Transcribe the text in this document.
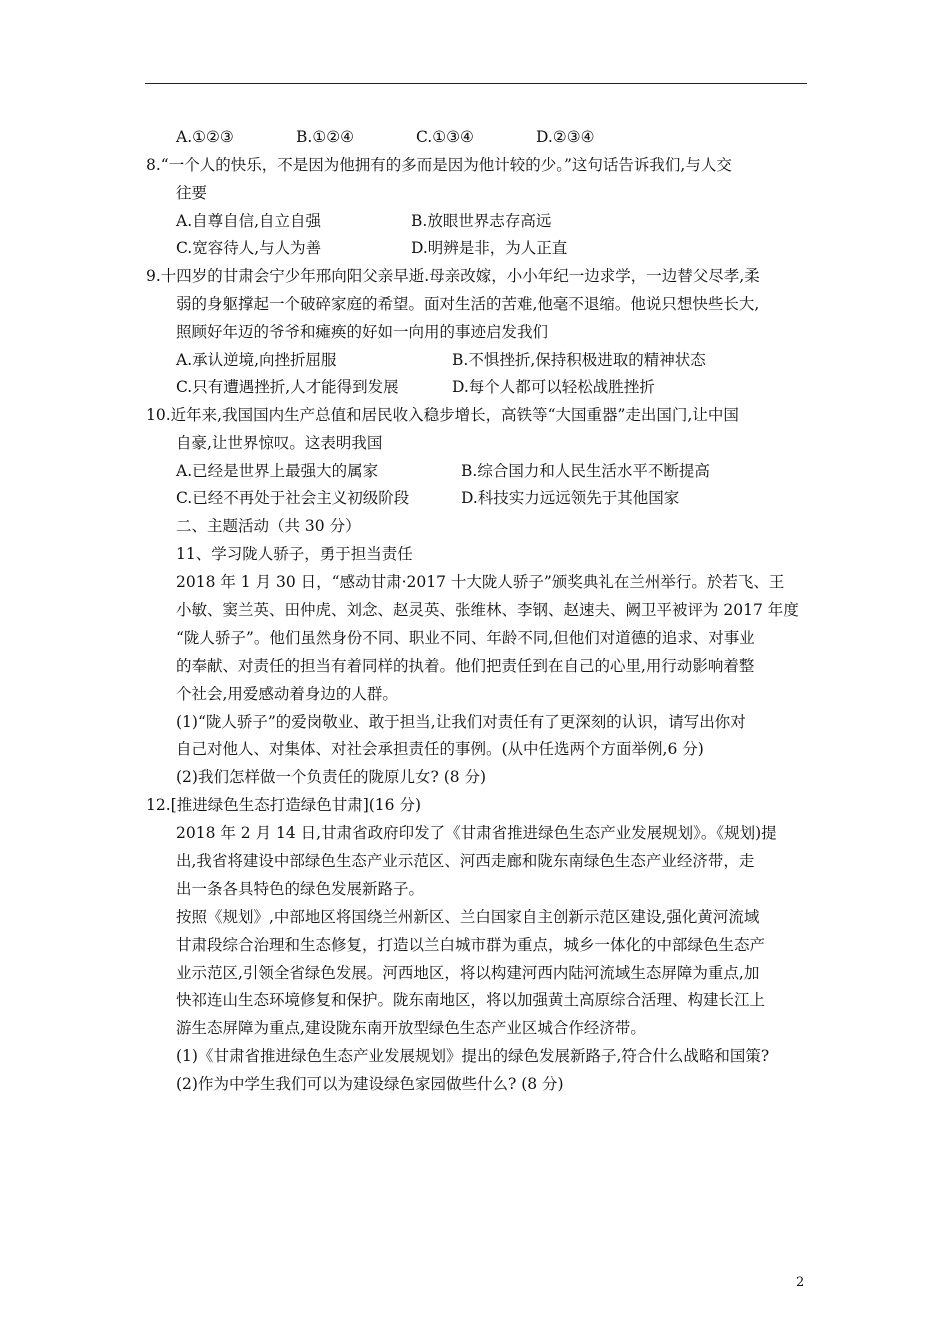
A.①②③	B.①②④	C.①③④	D.②③④
8.“一个人的快乐，不是因为他拥有的多而是因为他计较的少。”这句话告诉我们,与人交
往要
A.自尊自信,自立自强	B.放眼世界志存高远
C.宽容待人,与人为善	D.明辨是非，为人正直
9.十四岁的甘肃会宁少年邢向阳父亲早逝.母亲改嫁，小小年纪一边求学，一边替父尽孝,柔
弱的身躯撑起一个破碎家庭的希望。面对生活的苦难,他毫不退缩。他说只想快些长大,
照顾好年迈的爷爷和瘫痪的好如一向用的事迹启发我们
A.承认逆境,向挫折屈服	B.不惧挫折,保持积极进取的精神状态
C.只有遭遇挫折,人才能得到发展	D.每个人都可以轻松战胜挫折
10.近年来,我国国内生产总值和居民收入稳步增长，高铁等“大国重器”走出国门,让中国
自豪,让世界惊叹。这表明我国
A.已经是世界上最强大的属家	B.综合国力和人民生活水平不断提高
C.已经不再处于社会主义初级阶段	D.科技实力远远领先于其他国家
二、主题活动（共 30 分）
11、学习陇人骄子，勇于担当责任
2018 年 1 月 30 日，“感动甘肃·2017 十大陇人骄子”颁奖典礼在兰州举行。於若飞、王
小敏、窦兰英、田仲虎、刘念、赵灵英、张维林、李钢、赵速夫、阙卫平被评为 2017 年度
“陇人骄子”。他们虽然身份不同、职业不同、年龄不同,但他们对道德的追求、对事业
的奉献、对责任的担当有着同样的执着。他们把责任到在自己的心里,用行动影响着整
个社会,用爱感动着身边的人群。
(1)“陇人骄子”的爱岗敬业、敢于担当,让我们对责任有了更深刻的认识，请写出你对
自己对他人、对集体、对社会承担责任的事例。(从中任选两个方面举例,6 分)
(2)我们怎样做一个负责任的陇原儿女? (8 分)
12.[推进绿色生态打造绿色甘肃](16 分)
2018 年 2 月 14 日,甘肃省政府印发了《甘肃省推进绿色生态产业发展规划》。《规划)提
出,我省将建设中部绿色生态产业示范区、河西走廊和陇东南绿色生态产业经济带，走
出一条各具特色的绿色发展新路子。
按照《规划》,中部地区将国绕兰州新区、兰白国家自主创新示范区建设,强化黄河流域
甘肃段综合治理和生态修复，打造以兰白城市群为重点，城乡一体化的中部绿色生态产
业示范区,引领全省绿色发展。河西地区，将以构建河西内陆河流域生态屏障为重点,加
快祁连山生态环境修复和保护。陇东南地区，将以加强黄土高原综合活理、构建长江上
游生态屏障为重点,建设陇东南开放型绿色生态产业区城合作经济带。
(1)《甘肃省推进绿色生态产业发展规划》提出的绿色发展新路子,符合什么战略和国策?
(2)作为中学生我们可以为建设绿色家园做些什么? (8 分)
2
